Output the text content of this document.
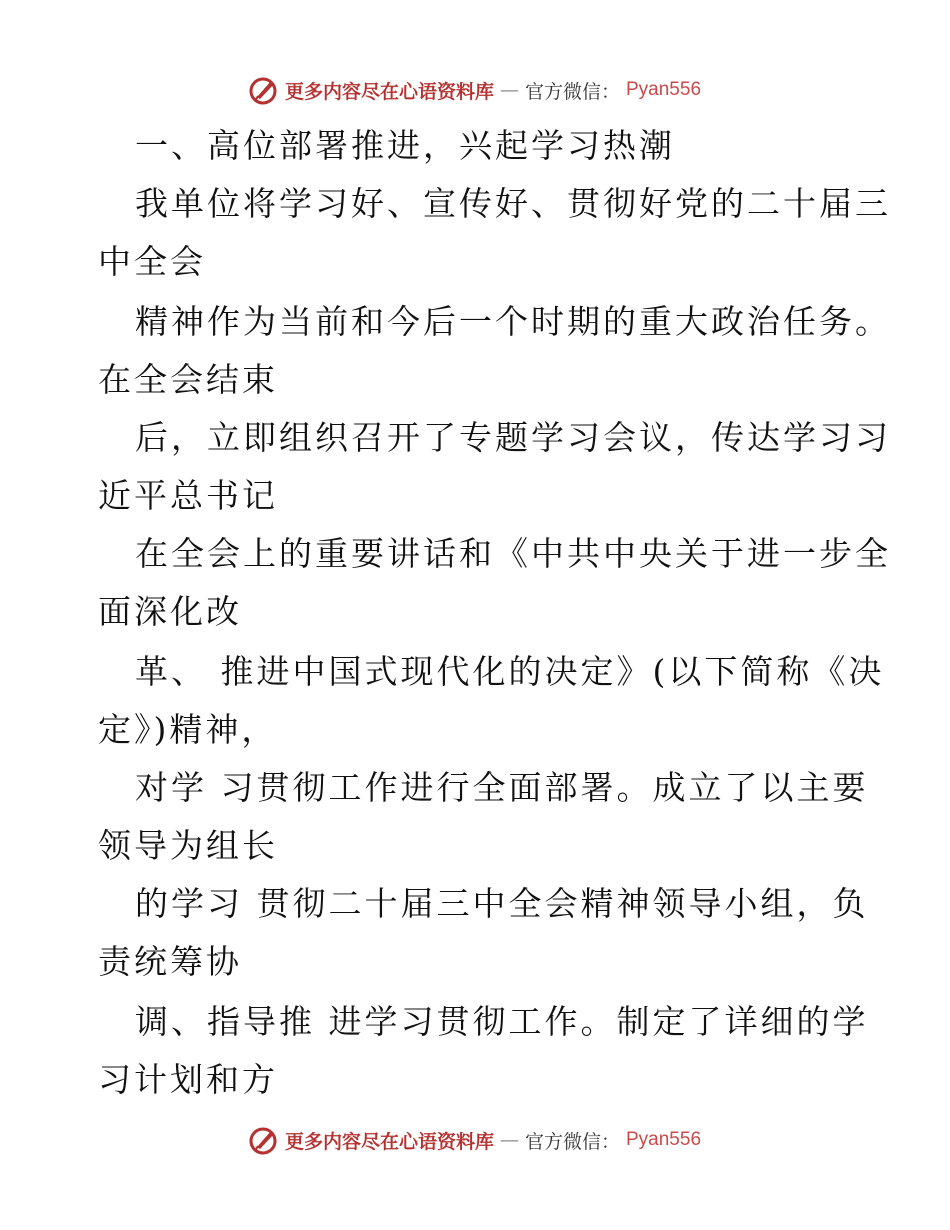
更多内容尽在心语资料库 — 官方微信： Pyan556
一、高位部署推进，兴起学习热潮
我单位将学习好、宣传好、贯彻好党的二十届三
中全会
精神作为当前和今后一个时期的重大政治任务。
在全会结束
后，立即组织召开了专题学习会议，传达学习习
近平总书记
在全会上的重要讲话和《中共中央关于进一步全
面深化改
革、 推进中国式现代化的决定》(以下简称《决
定》)精神，
对学 习贯彻工作进行全面部署。成立了以主要
领导为组长
的学习 贯彻二十届三中全会精神领导小组，负
责统筹协
调、指导推 进学习贯彻工作。制定了详细的学
习计划和方
更多内容尽在心语资料库 — 官方微信： Pyan556
